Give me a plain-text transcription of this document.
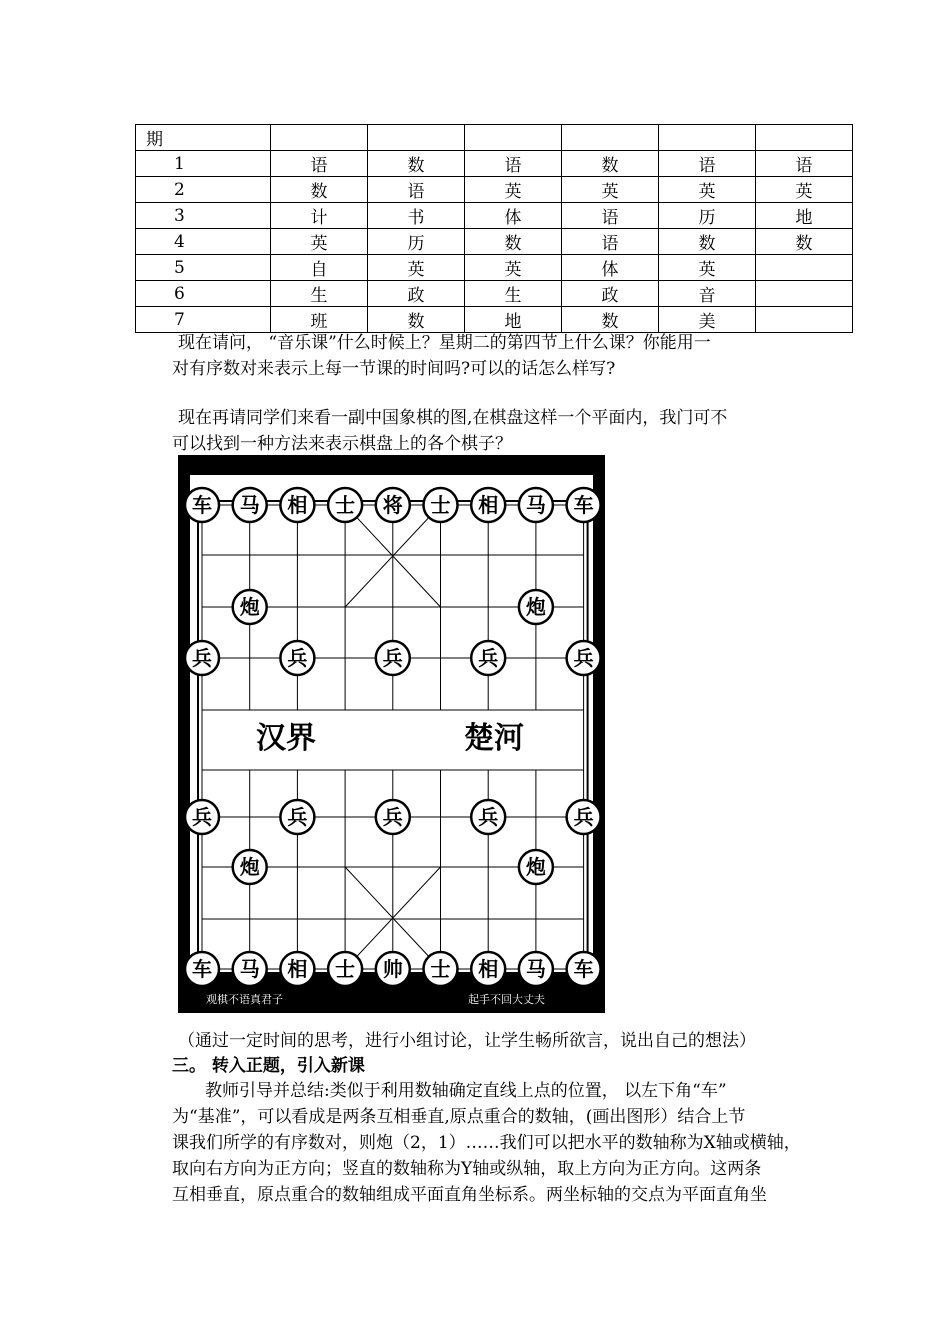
期						
1	语	数	语	数	语	语
2	数	语	英	英	英	英
3	计	书	体	语	历	地
4	英	历	数	语	数	数
5	自	英	英	体	英	
6	生	政	生	政	音	
7	班	数	地	数	美	
现在请问， “音乐课”什么时候上？星期二的第四节上什么课？你能用一
对有序数对来表示上每一节课的时间吗?可以的话怎么样写?
现在再请同学们来看一副中国象棋的图,在棋盘这样一个平面内，我门可不
可以找到一种方法来表示棋盘上的各个棋子？
汉界	楚河
车 马 相 士 将 士 相 马 车
炮	炮
兵	兵	兵	兵	兵
兵	兵	兵	兵	兵
炮	炮
车 马 相 士 帅 士 相 马 车
观棋不语真君子	起手不回大丈夫
（通过一定时间的思考，进行小组讨论，让学生畅所欲言，说出自己的想法）
三。 转入正题，引入新课
教师引导并总结:类似于利用数轴确定直线上点的位置， 以左下角“车”
为“基准”，可以看成是两条互相垂直,原点重合的数轴，(画出图形）结合上节
课我们所学的有序数对，则炮（2，1）……我们可以把水平的数轴称为X轴或横轴，
取向右方向为正方向；竖直的数轴称为Y轴或纵轴，取上方向为正方向。这两条
互相垂直，原点重合的数轴组成平面直角坐标系。两坐标轴的交点为平面直角坐
